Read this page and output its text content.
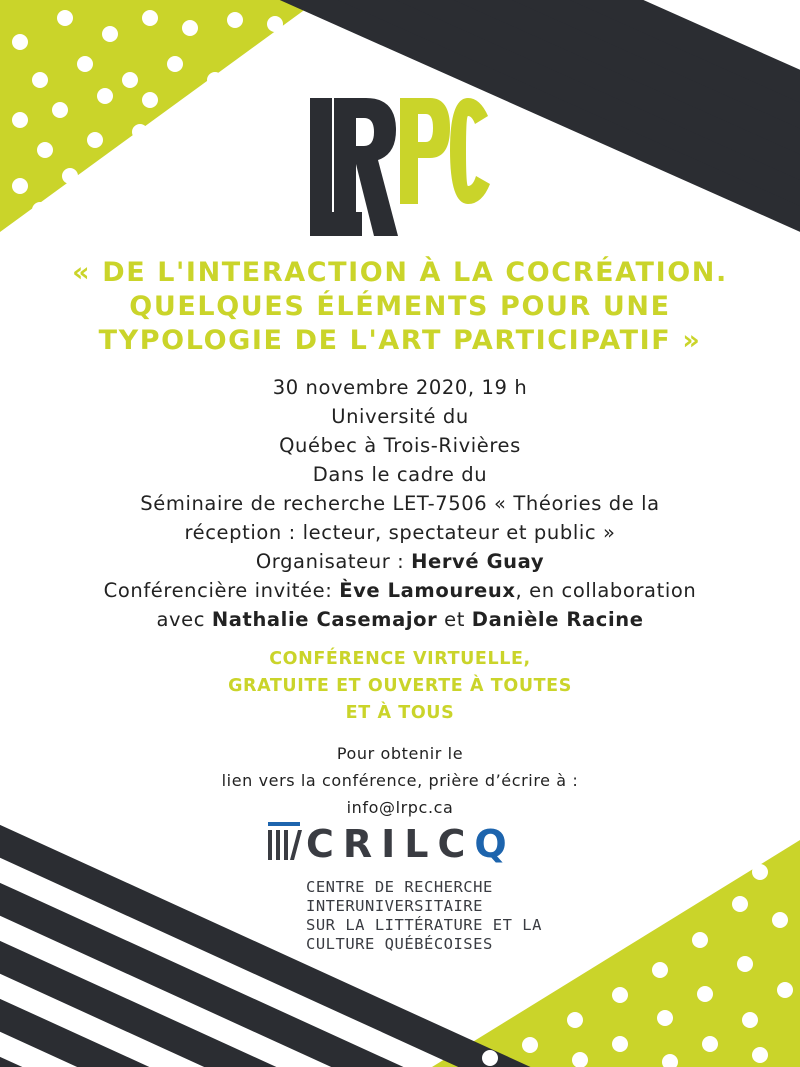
« DE L'INTERACTION À LA COCRÉATION.
QUELQUES ÉLÉMENTS POUR UNE
TYPOLOGIE DE L'ART PARTICIPATIF »
30 novembre 2020, 19 h
Université du
Québec à Trois-Rivières
Dans le cadre du
Séminaire de recherche LET-7506 « Théories de la
réception : lecteur, spectateur et public »
Organisateur : Hervé Guay
Conférencière invitée: Ève Lamoureux, en collaboration
avec Nathalie Casemajor et Danièle Racine
CONFÉRENCE VIRTUELLE,
GRATUITE ET OUVERTE À TOUTES
ET À TOUS
Pour obtenir le
lien vers la conférence, prière d’écrire à :
info@lrpc.ca
CRILCQ
CENTRE DE RECHERCHE
INTERUNIVERSITAIRE
SUR LA LITTÉRATURE ET LA
CULTURE QUÉBÉCOISES
